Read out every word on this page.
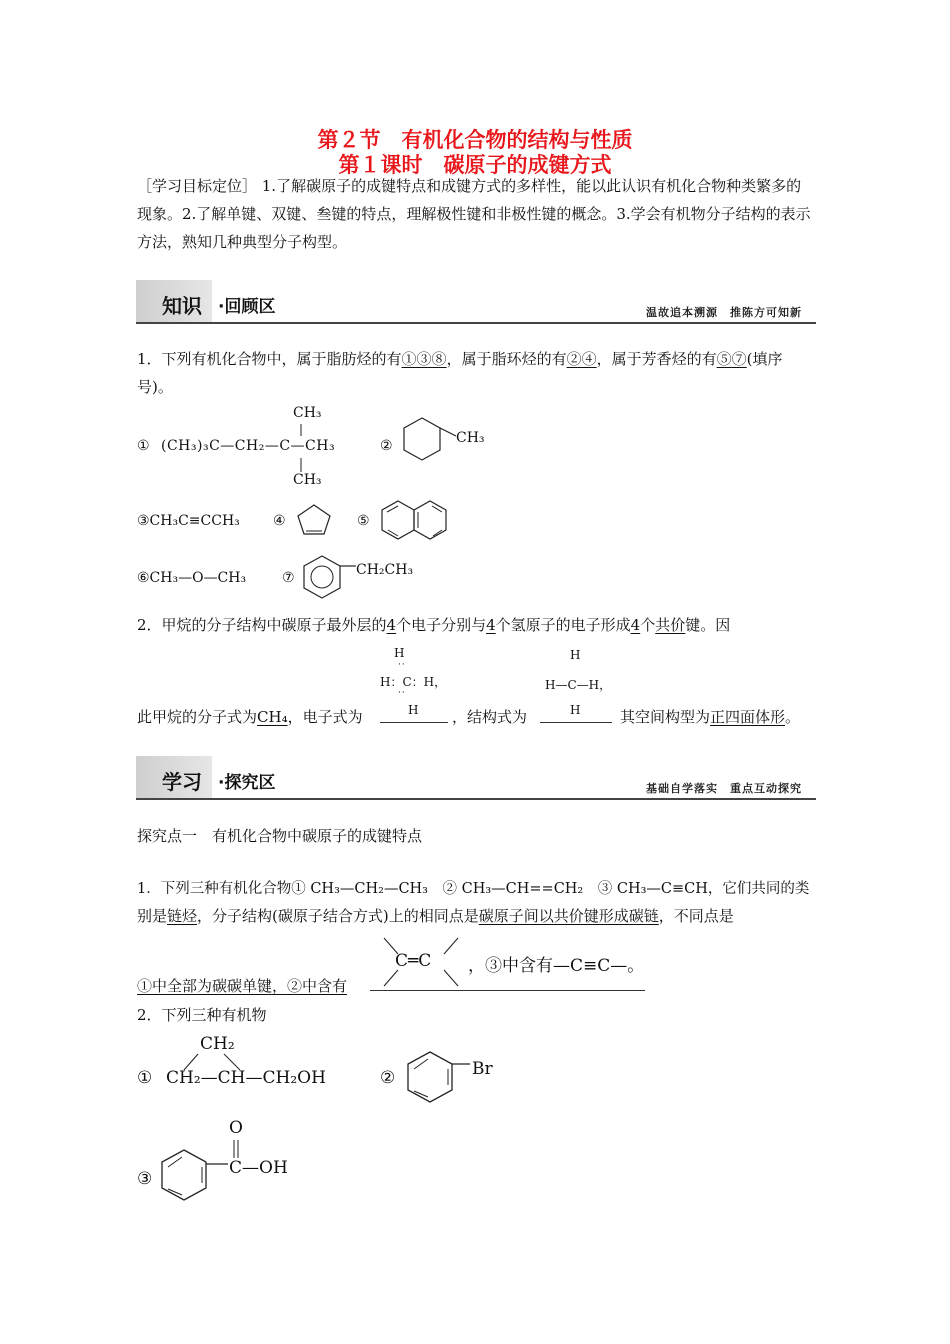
第２节　有机化合物的结构与性质
第１课时　碳原子的成键方式
［学习目标定位］ 1.了解碳原子的成键特点和成键方式的多样性，能以此认识有机化合物种类繁多的现象。2.了解单键、双键、叁键的特点，理解极性键和非极性键的概念。3.学会有机物分子结构的表示方法，熟知几种典型分子构型。
知识 ·回顾区	温故追本溯源　推陈方可知新
1．下列有机化合物中，属于脂肪烃的有①③⑧，属于脂环烃的有②④，属于芳香烃的有⑤⑦(填序号)。
① (CH₃)₃C—CH₂—C—CH₃
CH₃
CH₃
②	CH₃
③CH₃C≡CCH₃ ④	⑤
⑥CH₃—O—CH₃	⑦	CH₂CH₃
2．甲烷的分子结构中碳原子最外层的4个电子分别与4个氢原子的电子形成4个共价键。因
H
··
H：C：H，
··
H
H
H—C—H，
H
此甲烷的分子式为CH₄，电子式为	，结构式为	其空间构型为正四面体形。
学习 ·探究区	基础自学落实　重点互动探究
探究点一　有机化合物中碳原子的成键特点
1．下列三种有机化合物① CH₃—CH₂—CH₃　② CH₃—CH==CH₂　③ CH₃—C≡CH，它们共同的类
别是链烃，分子结构(碳原子结合方式)上的相同点是碳原子间以共价键形成碳链，不同点是
①中全部为碳碳单键，②中含有
C═C ，③中含有—C≡C—。
2．下列三种有机物
①
CH₂
CH₂—CH—CH₂OH	②	Br
③
O
C—OH
